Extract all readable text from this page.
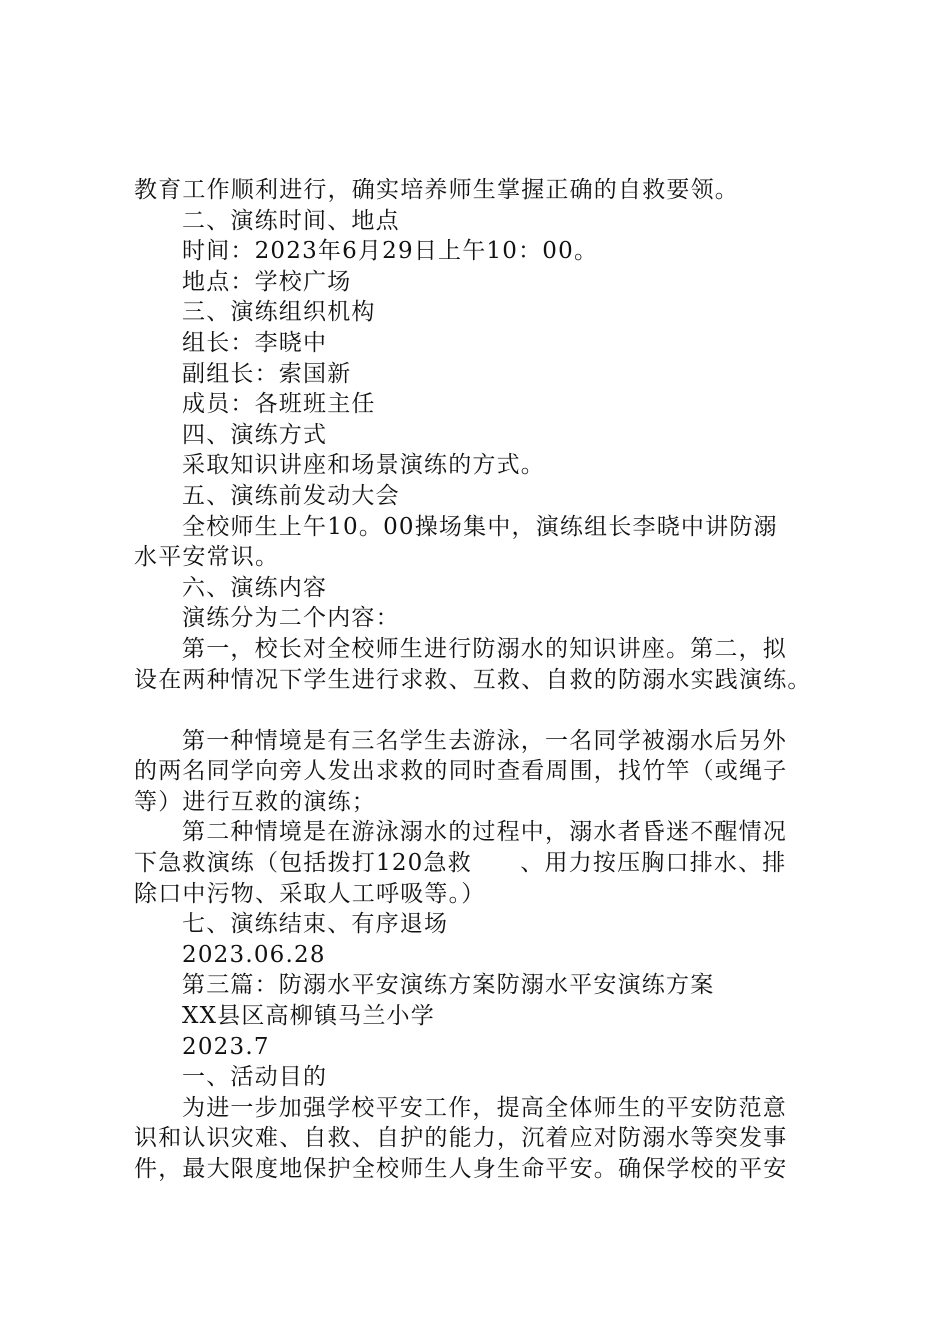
教育工作顺利进行，确实培养师生掌握正确的自救要领。

二、演练时间、地点

时间：2023年6月29日上午10：00。

地点：学校广场

三、演练组织机构

组长：李晓中

副组长：索国新

成员：各班班主任

四、演练方式

采取知识讲座和场景演练的方式。

五、演练前发动大会

全校师生上午10。00操场集中，演练组长李晓中讲防溺

水平安常识。

六、演练内容

演练分为二个内容：

第一，校长对全校师生进行防溺水的知识讲座。第二，拟

设在两种情况下学生进行求救、互救、自救的防溺水实践演练。

第一种情境是有三名学生去游泳，一名同学被溺水后另外

的两名同学向旁人发出求救的同时查看周围，找竹竿（或绳子

等）进行互救的演练；

第二种情境是在游泳溺水的过程中，溺水者昏迷不醒情况

下急救演练（包括拨打120急救　　、用力按压胸口排水、排

除口中污物、采取人工呼吸等。）

七、演练结束、有序退场

2023.06.28

第三篇：防溺水平安演练方案防溺水平安演练方案

XX县区高柳镇马兰小学

2023.7

一、活动目的

为进一步加强学校平安工作，提高全体师生的平安防范意

识和认识灾难、自救、自护的能力，沉着应对防溺水等突发事

件，最大限度地保护全校师生人身生命平安。确保学校的平安
